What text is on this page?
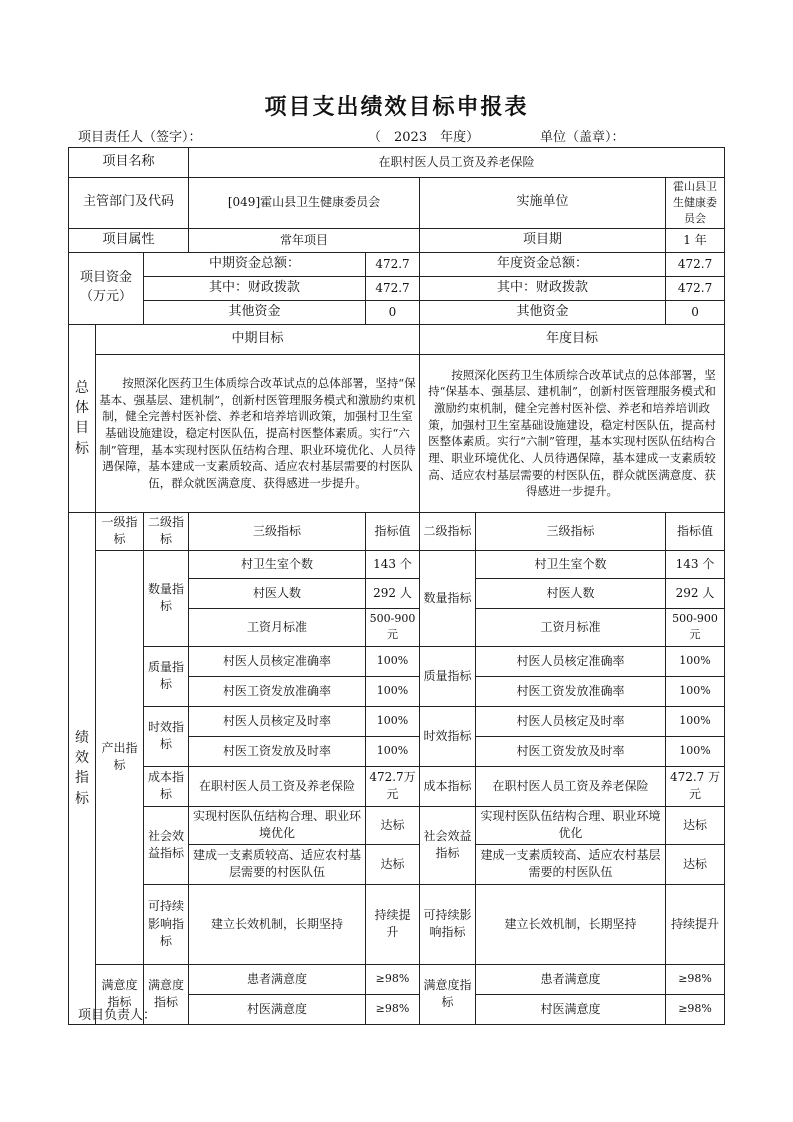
项目支出绩效目标申报表
项目责任人（签字）：	（　2023　年度）	单位（盖章）：
项目名称			在职村医人员工资及养老保险				
主管部门及代码			[049]霍山县卫生健康委员会		实施单位		霍山县卫生健康委员会
项目属性			常年项目		项目期		1 年
项目资金（万元）		中期资金总额：		472.7	年度资金总额：		472.7
		其中：财政拨款		472.7	其中：财政拨款		472.7
		其他资金		0	其他资金		0
总体目标	中期目标				年度目标		
	按照深化医药卫生体质综合改革试点的总体部署，坚持“保基本、强基层、建机制”，创新村医管理服务模式和激励约束机制，健全完善村医补偿、养老和培养培训政策，加强村卫生室基础设施建设，稳定村医队伍，提高村医整体素质。实行“六制”管理，基本实现村医队伍结构合理、职业环境优化、人员待遇保障，基本建成一支素质较高、适应农村基层需要的村医队伍，群众就医满意度、获得感进一步提升。				按照深化医药卫生体质综合改革试点的总体部署，坚持“保基本、强基层、建机制”，创新村医管理服务模式和激励约束机制，健全完善村医补偿、养老和培养培训政策，加强村卫生室基础设施建设，稳定村医队伍，提高村医整体素质。实行“六制”管理，基本实现村医队伍结构合理、职业环境优化、人员待遇保障，基本建成一支素质较高、适应农村基层需要的村医队伍，群众就医满意度、获得感进一步提升。		
绩效指标	一级指标	二级指标	三级指标	指标值	二级指标	三级指标	指标值
	产出指标	数量指标	村卫生室个数	143 个	数量指标	村卫生室个数	143 个
			村医人数	292 人		村医人数	292 人
			工资月标准	500-900元		工资月标准	500-900元
		质量指标	村医人员核定准确率	100%	质量指标	村医人员核定准确率	100%
			村医工资发放准确率	100%		村医工资发放准确率	100%
		时效指标	村医人员核定及时率	100%	时效指标	村医人员核定及时率	100%
			村医工资发放及时率	100%		村医工资发放及时率	100%
		成本指标	在职村医人员工资及养老保险	472.7万元	成本指标	在职村医人员工资及养老保险	472.7 万元
		社会效益指标	实现村医队伍结构合理、职业环境优化	达标	社会效益指标	实现村医队伍结构合理、职业环境优化	达标
			建成一支素质较高、适应农村基层需要的村医队伍	达标		建成一支素质较高、适应农村基层需要的村医队伍	达标
		可持续影响指标	建立长效机制，长期坚持	持续提升	可持续影响指标	建立长效机制，长期坚持	持续提升
	满意度指标	满意度指标	患者满意度	≥98%	满意度指标	患者满意度	≥98%
			村医满意度	≥98%		村医满意度	≥98%
项目负责人：
